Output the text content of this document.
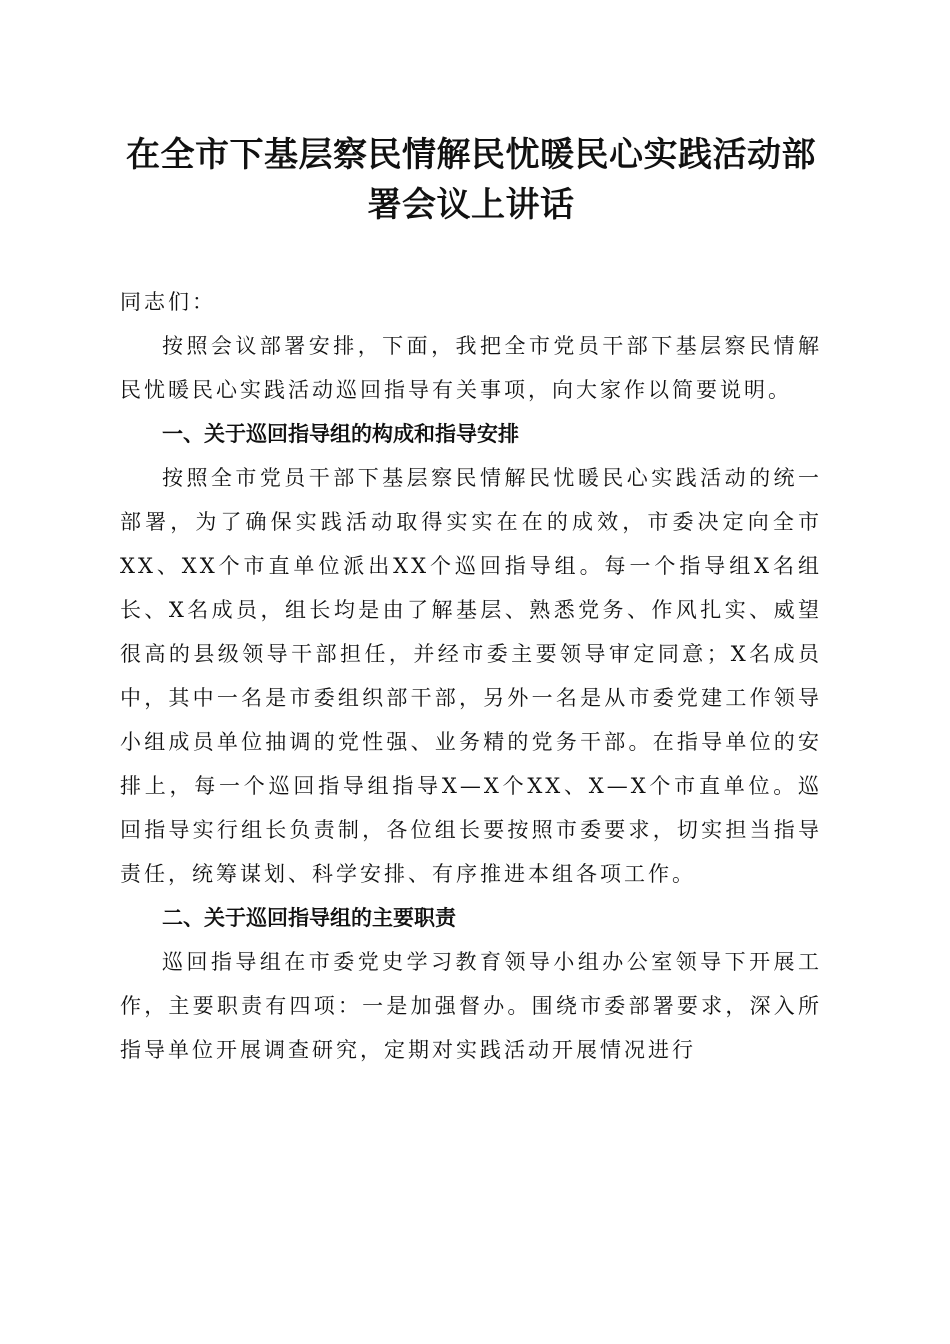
在全市下基层察民情解民忧暖民心实践活动部
署会议上讲话

同志们：

按照会议部署安排，下面，我把全市党员干部下基层察民情解民忧暖民心实践活动巡回指导有关事项，向大家作以简要说明。

一、关于巡回指导组的构成和指导安排

按照全市党员干部下基层察民情解民忧暖民心实践活动的统一部署，为了确保实践活动取得实实在在的成效，市委决定向全市XX、XX个市直单位派出XX个巡回指导组。每一个指导组X名组长、X名成员，组长均是由了解基层、熟悉党务、作风扎实、威望很高的县级领导干部担任，并经市委主要领导审定同意；X名成员中，其中一名是市委组织部干部，另外一名是从市委党建工作领导小组成员单位抽调的党性强、业务精的党务干部。在指导单位的安排上，每一个巡回指导组指导X—X个XX、X—X个市直单位。巡回指导实行组长负责制，各位组长要按照市委要求，切实担当指导责任，统筹谋划、科学安排、有序推进本组各项工作。

二、关于巡回指导组的主要职责

巡回指导组在市委党史学习教育领导小组办公室领导下开展工作，主要职责有四项：一是加强督办。围绕市委部署要求，深入所指导单位开展调查研究，定期对实践活动开展情况进行
